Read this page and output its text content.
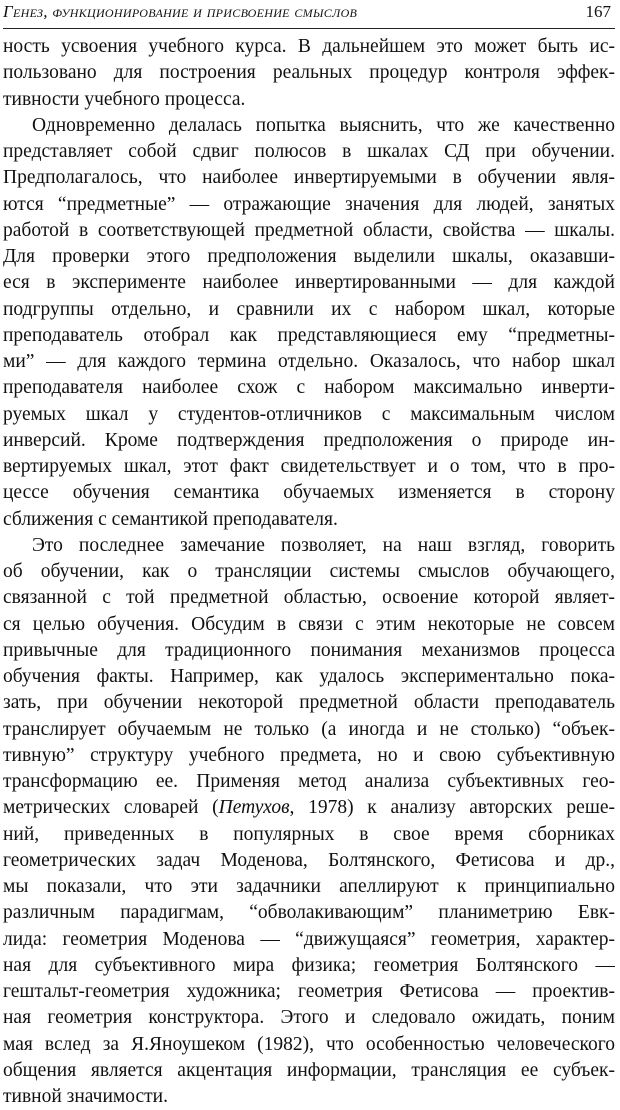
Генез, функционирование и присвоение смыслов	167
ность усвоения учебного курса. В дальнейшем это может быть ис-
пользовано для построения реальных процедур контроля эффек-
тивности учебного процесса.
Одновременно делалась попытка выяснить, что же качественно
представляет собой сдвиг полюсов в шкалах СД при обучении.
Предполагалось, что наиболее инвертируемыми в обучении явля-
ются “предметные” — отражающие значения для людей, занятых
работой в соответствующей предметной области, свойства — шкалы.
Для проверки этого предположения выделили шкалы, оказавши-
еся в эксперименте наиболее инвертированными — для каждой
подгруппы отдельно, и сравнили их с набором шкал, которые
преподаватель отобрал как представляющиеся ему “предметны-
ми” — для каждого термина отдельно. Оказалось, что набор шкал
преподавателя наиболее схож с набором максимально инверти-
руемых шкал у студентов-отличников с максимальным числом
инверсий. Кроме подтверждения предположения о природе ин-
вертируемых шкал, этот факт свидетельствует и о том, что в про-
цессе обучения семантика обучаемых изменяется в сторону
сближения с семантикой преподавателя.
Это последнее замечание позволяет, на наш взгляд, говорить
об обучении, как о трансляции системы смыслов обучающего,
связанной с той предметной областью, освоение которой являет-
ся целью обучения. Обсудим в связи с этим некоторые не совсем
привычные для традиционного понимания механизмов процесса
обучения факты. Например, как удалось экспериментально пока-
зать, при обучении некоторой предметной области преподаватель
транслирует обучаемым не только (а иногда и не столько) “объек-
тивную” структуру учебного предмета, но и свою субъективную
трансформацию ее. Применяя метод анализа субъективных гео-
метрических словарей (Петухов, 1978) к анализу авторских реше-
ний, приведенных в популярных в свое время сборниках
геометрических задач Моденова, Болтянского, Фетисова и др.,
мы показали, что эти задачники апеллируют к принципиально
различным парадигмам, “обволакивающим” планиметрию Евк-
лида: геометрия Моденова — “движущаяся” геометрия, характер-
ная для субъективного мира физика; геометрия Болтянского —
гештальт-геометрия художника; геометрия Фетисова — проектив-
ная геометрия конструктора. Этого и следовало ожидать, поним
мая вслед за Я.Яноушеком (1982), что особенностью человеческого
общения является акцентация информации, трансляция ее субъек-
тивной значимости.
